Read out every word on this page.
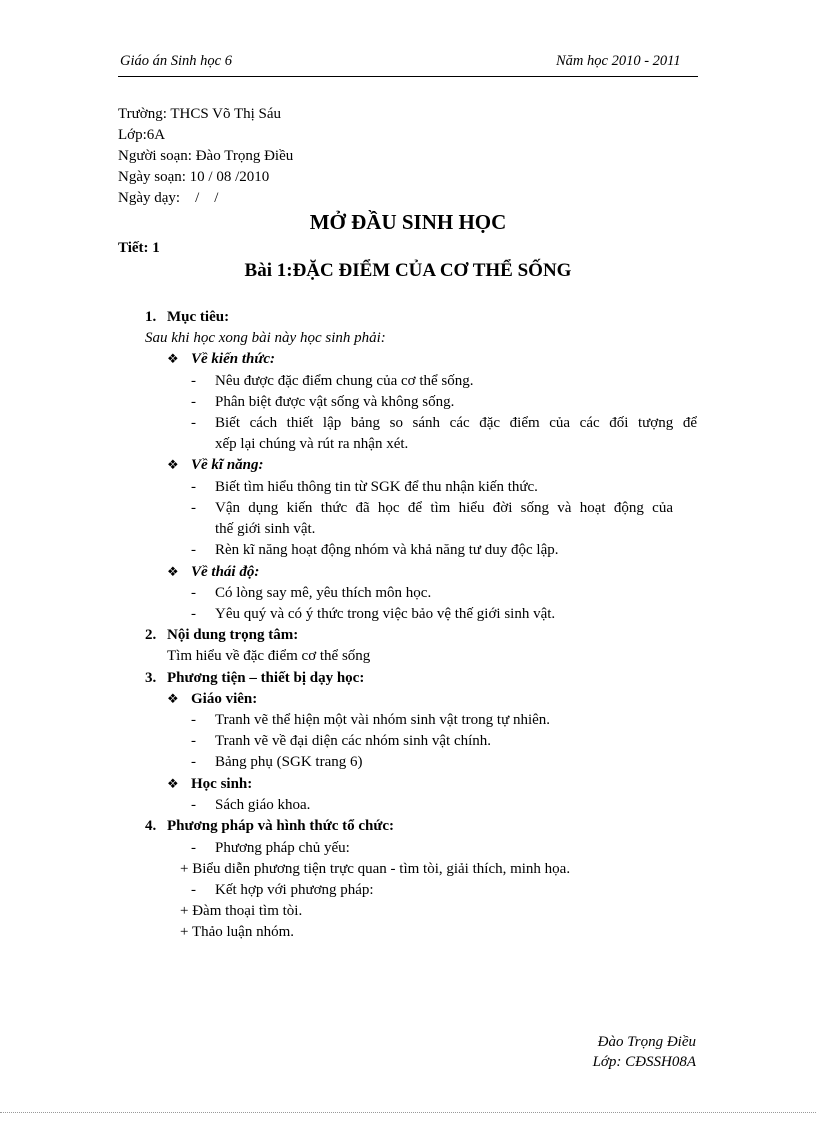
Giáo án Sinh học 6	Năm học 2010 - 2011
Trường: THCS Võ Thị Sáu
Lớp:6A
Người soạn: Đào Trọng Điều
Ngày soạn: 10 / 08 /2010
Ngày dạy:    /    /
MỞ ĐẦU SINH HỌC
Tiết: 1
Bài 1:ĐẶC ĐIỂM CỦA CƠ THỂ SỐNG
1. Mục tiêu:
Sau khi học xong bài này học sinh phải:
❖ Về kiến thức:
- Nêu được đặc điểm chung của cơ thể sống.
- Phân biệt được vật sống và không sống.
- Biết cách thiết lập bảng so sánh các đặc điểm của các đối tượng để
xếp lại chúng và rút ra nhận xét.
❖ Về kĩ năng:
- Biết tìm hiểu thông tin từ SGK để thu nhận kiến thức.
- Vận dụng kiến thức đã học để tìm hiểu đời sống và hoạt động của
thế giới sinh vật.
- Rèn kĩ năng hoạt động nhóm và khả năng tư duy độc lập.
❖ Về thái độ:
- Có lòng say mê, yêu thích môn học.
- Yêu quý và có ý thức trong việc bảo vệ thế giới sinh vật.
2. Nội dung trọng tâm:
Tìm hiểu về đặc điểm cơ thể sống
3. Phương tiện – thiết bị dạy học:
❖ Giáo viên:
- Tranh vẽ thể hiện một vài nhóm sinh vật trong tự nhiên.
- Tranh vẽ về đại diện các nhóm sinh vật chính.
- Bảng phụ (SGK trang 6)
❖ Học sinh:
- Sách giáo khoa.
4. Phương pháp và hình thức tổ chức:
- Phương pháp chủ yếu:
+ Biểu diễn phương tiện trực quan - tìm tòi, giải thích, minh họa.
- Kết hợp với phương pháp:
+ Đàm thoại tìm tòi.
+ Thảo luận nhóm.
Đào Trọng Điều
Lớp: CĐSSH08A
